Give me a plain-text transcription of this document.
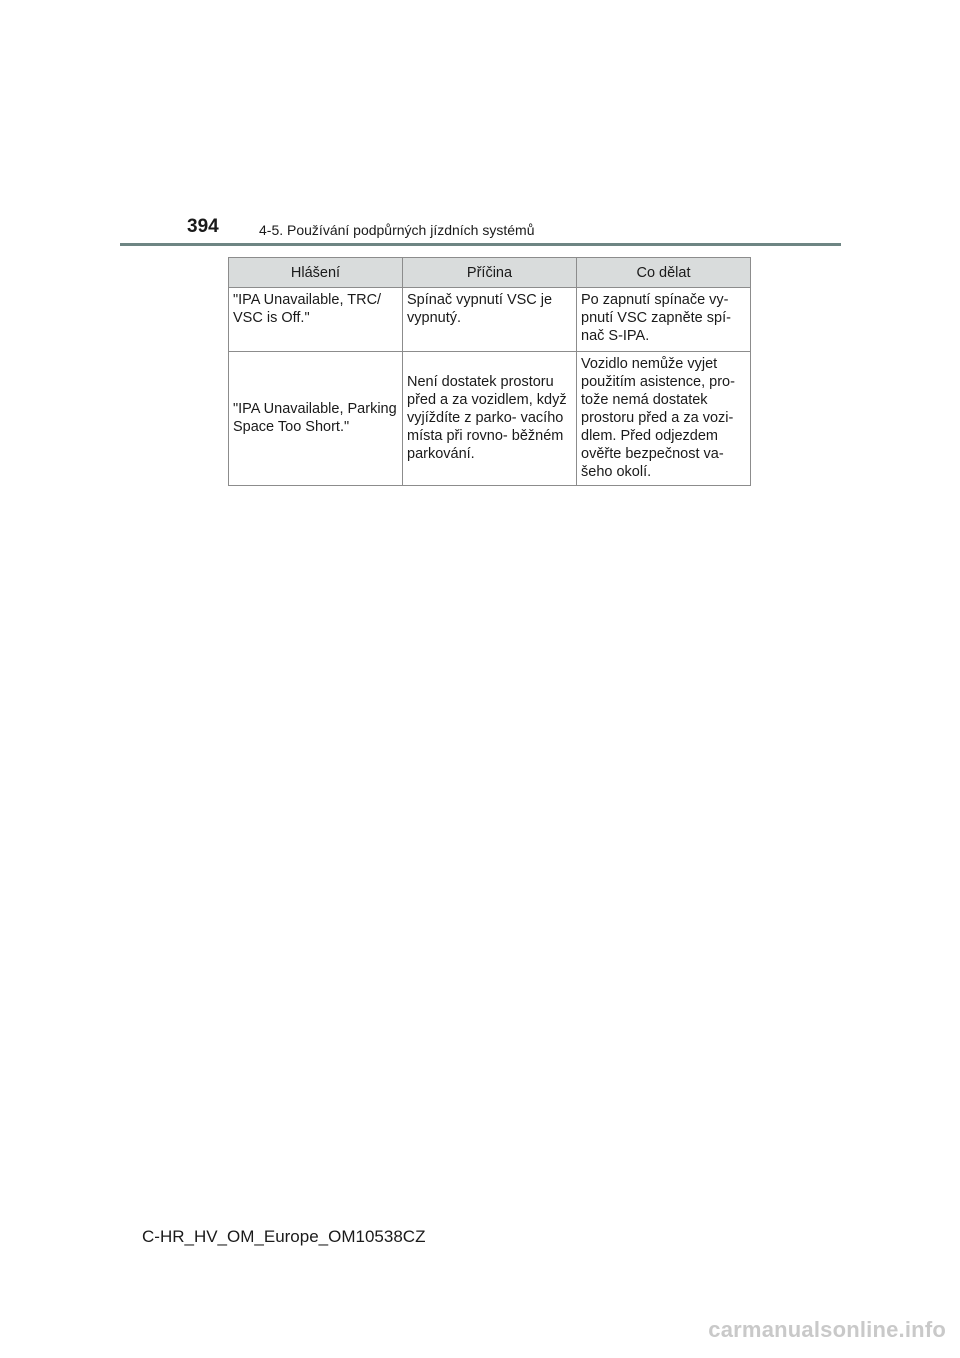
394	4-5. Používání podpůrných jízdních systémů
Hlášení	Příčina	Co dělat
"IPA Unavailable, TRC/ VSC is Off."	Spínač vypnutí VSC je vypnutý.	Po zapnutí spínače vy- pnutí VSC zapněte spí- nač S-IPA.
"IPA Unavailable, Parking Space Too Short."	Není dostatek prostoru před a za vozidlem, když vyjíždíte z parko- vacího místa při rovno- běžném parkování.	Vozidlo nemůže vyjet použitím asistence, pro- tože nemá dostatek prostoru před a za vozi- dlem. Před odjezdem ověřte bezpečnost va- šeho okolí.
C-HR_HV_OM_Europe_OM10538CZ
carmanualsonline.info
